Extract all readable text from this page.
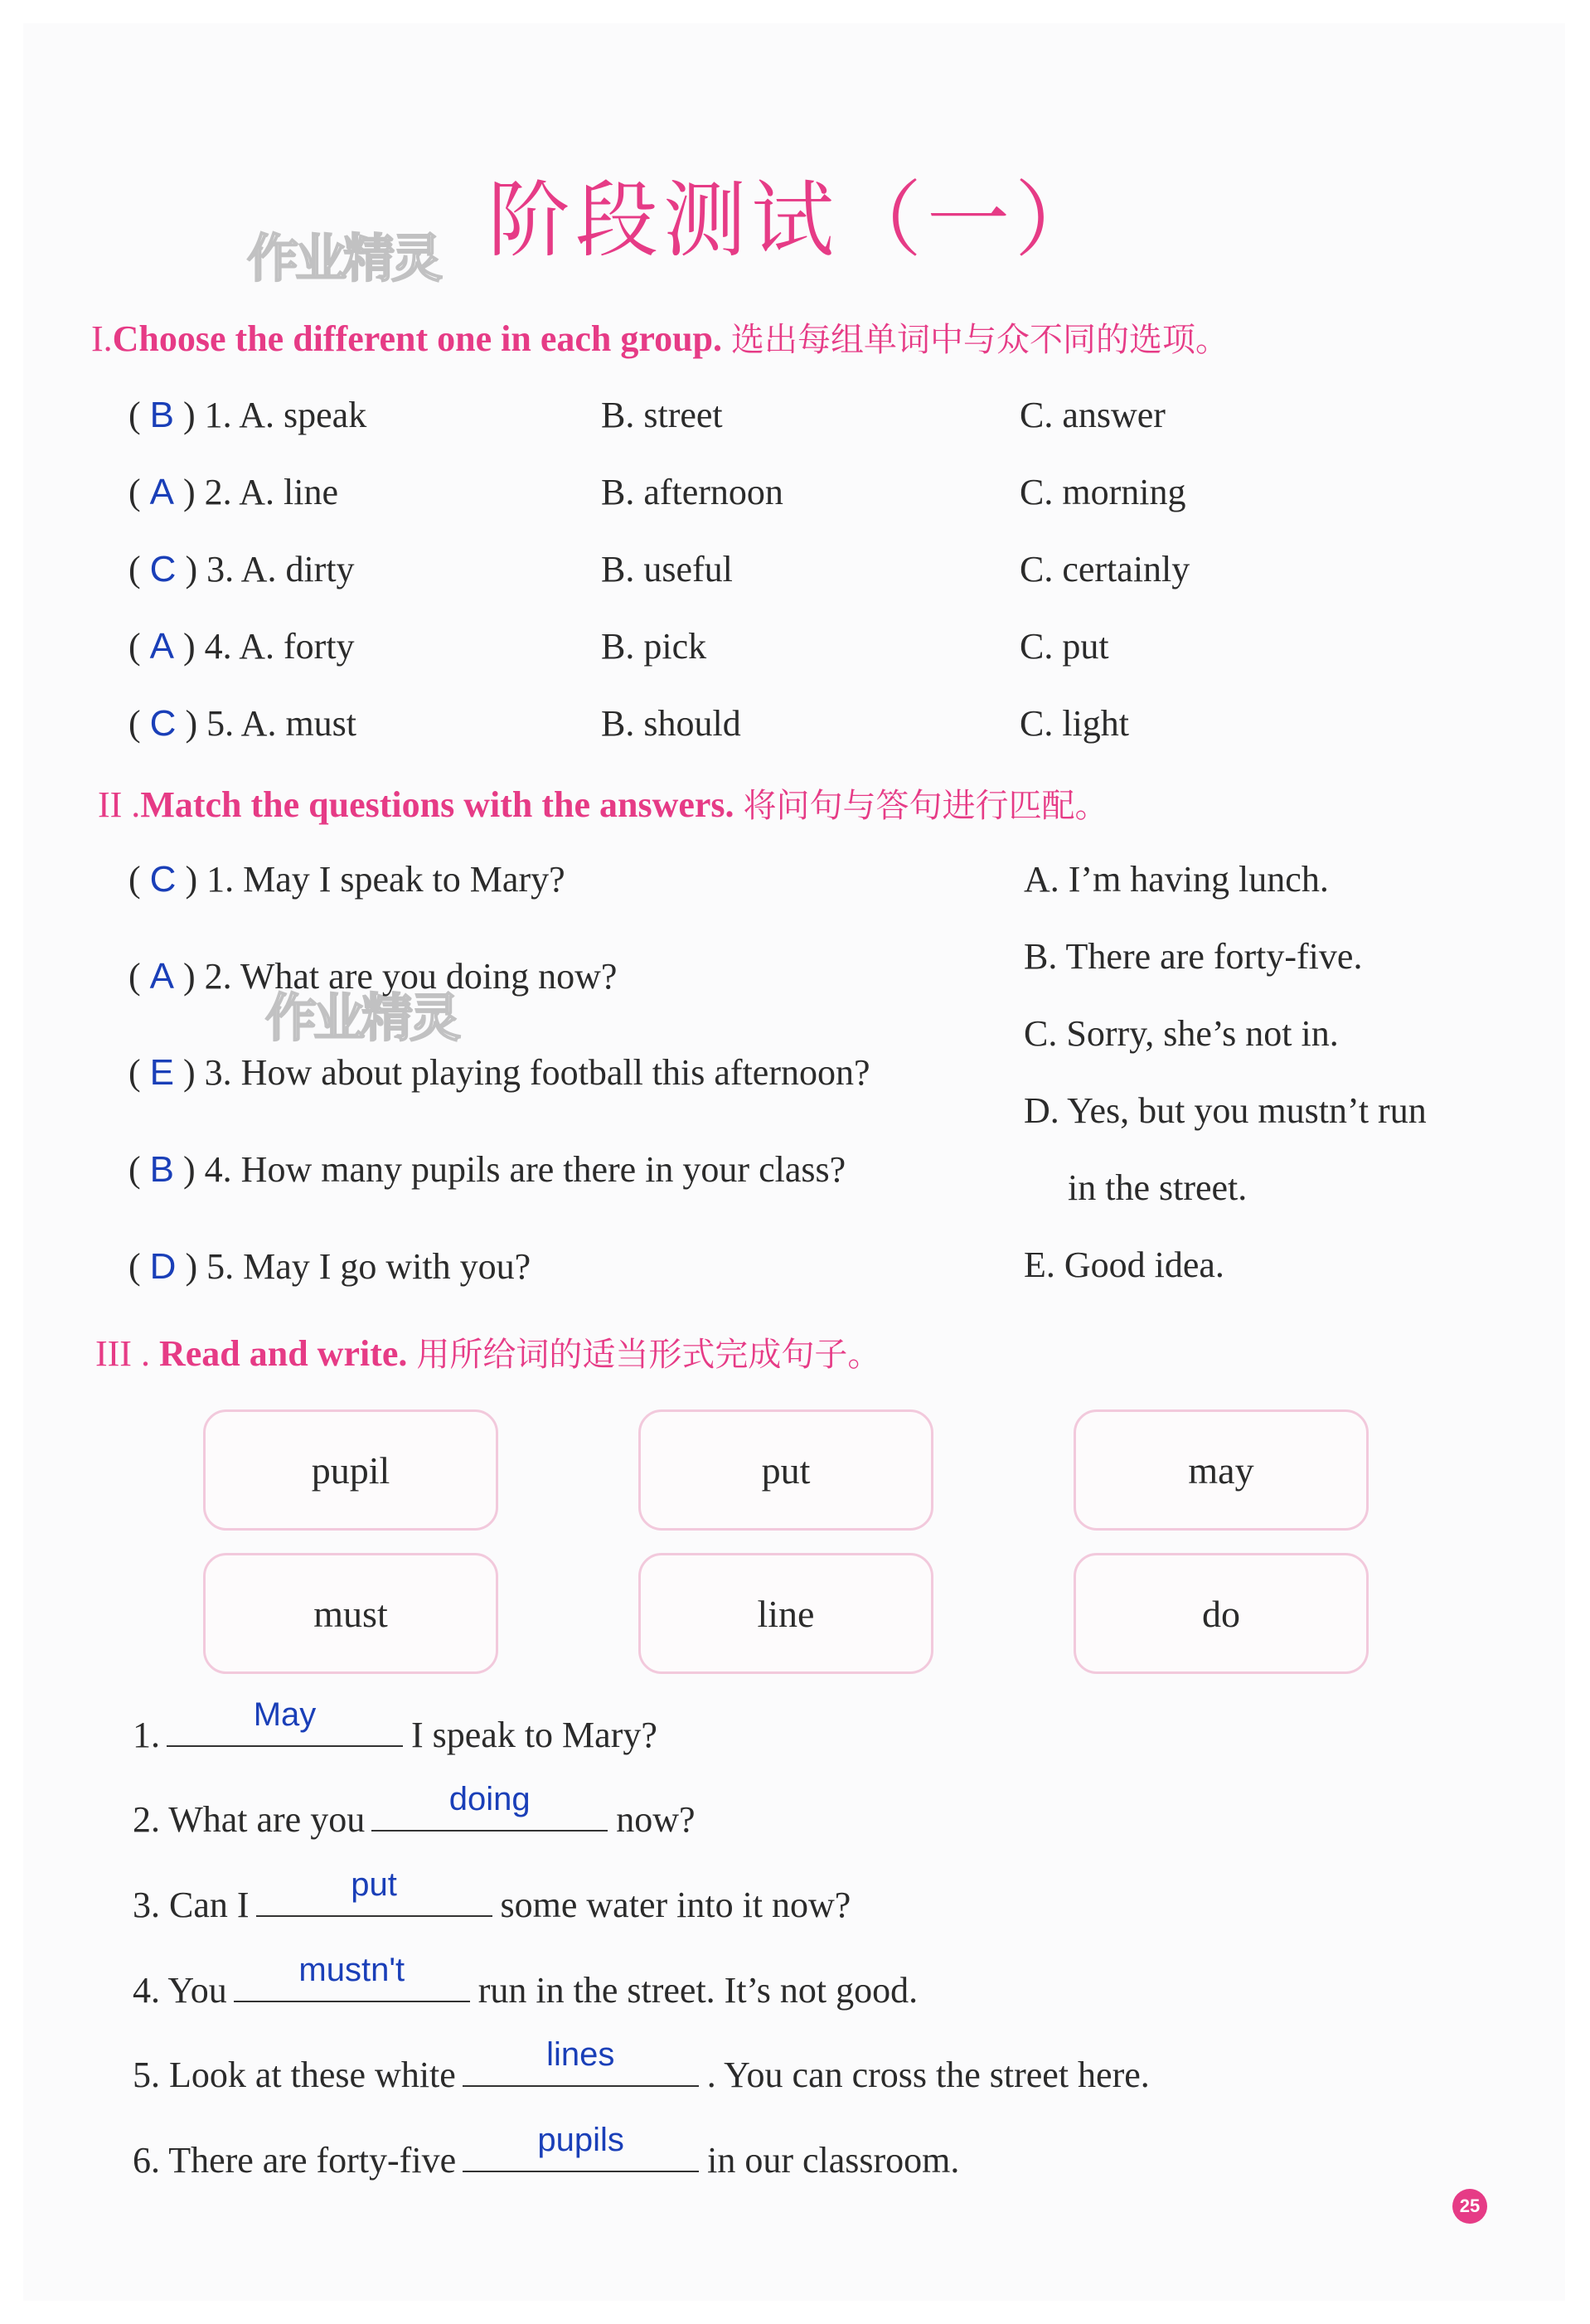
阶段测试（一）
作业精灵
作业精灵
I.Choose the different one in each group. 选出每组单词中与众不同的选项。
( B ) 1. A. speak	B. street	C. answer
( A ) 2. A. line	B. afternoon	C. morning
( C ) 3. A. dirty	B. useful	C. certainly
( A ) 4. A. forty	B. pick	C. put
( C ) 5. A. must	B. should	C. light
II .Match the questions with the answers. 将问句与答句进行匹配。
( C ) 1. May I speak to Mary?
( A ) 2. What are you doing now?
( E ) 3. How about playing football this afternoon?
( B ) 4. How many pupils are there in your class?
( D ) 5. May I go with you?
A. I’m having lunch.
B. There are forty-five.
C. Sorry, she’s not in.
D. Yes, but you mustn’t run
in the street.
E. Good idea.
III . Read and write. 用所给词的适当形式完成句子。
pupil	put	may
must	line	do
1.	May	I speak to Mary?
2. What are you	doing	now?
3. Can I	put	some water into it now?
4. You	mustn't	run in the street. It’s not good.
5. Look at these white	lines	. You can cross the street here.
6. There are forty-five	pupils	in our classroom.
25
